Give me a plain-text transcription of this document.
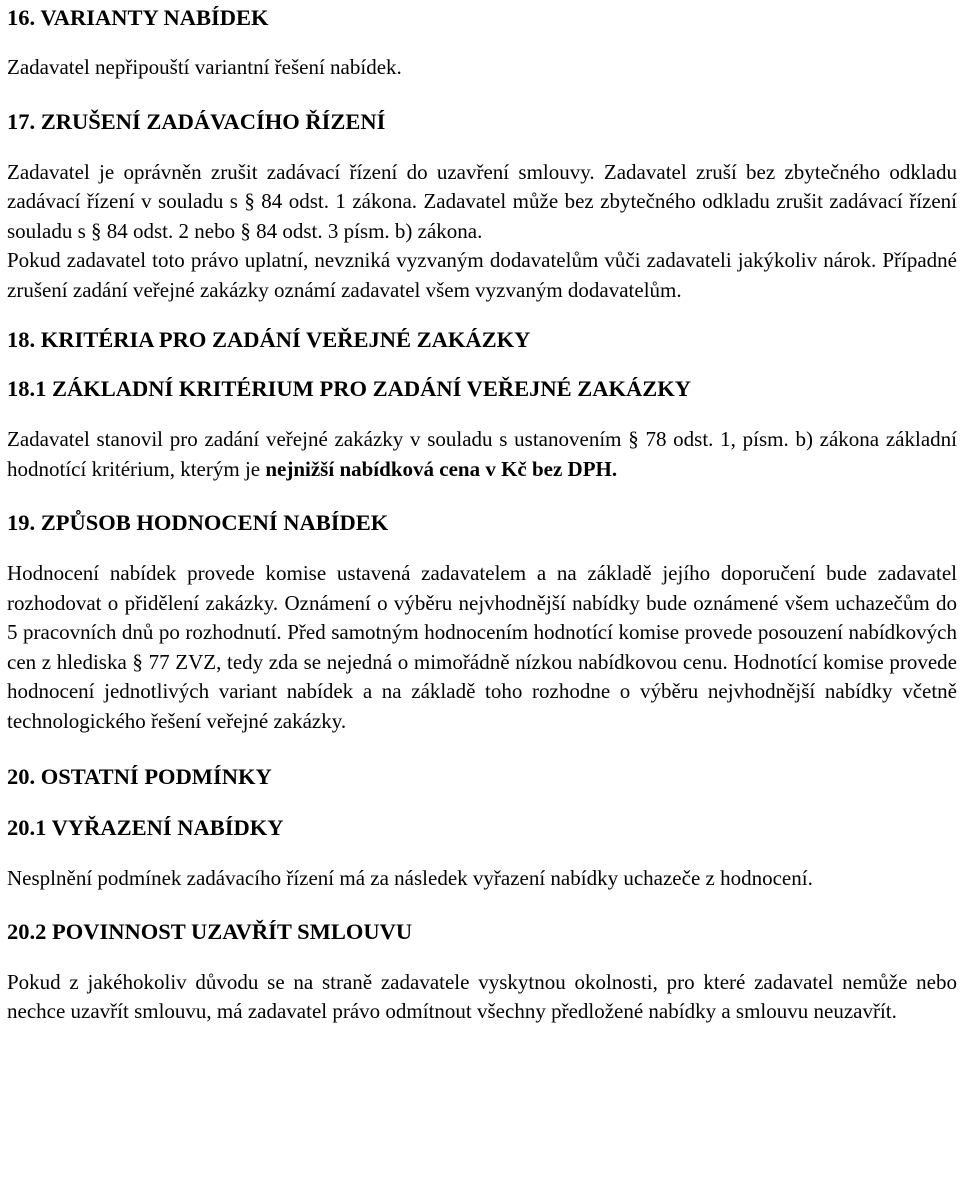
16. VARIANTY NABÍDEK

Zadavatel nepřipouští variantní řešení nabídek.

17. ZRUŠENÍ ZADÁVACÍHO ŘÍZENÍ

Zadavatel je oprávněn zrušit zadávací řízení do uzavření smlouvy. Zadavatel zruší bez zbytečného odkladu zadávací řízení v souladu s § 84 odst. 1 zákona. Zadavatel může bez zbytečného odkladu zrušit zadávací řízení souladu s § 84 odst. 2 nebo § 84 odst. 3 písm. b) zákona.

Pokud zadavatel toto právo uplatní, nevzniká vyzvaným dodavatelům vůči zadavateli jakýkoliv nárok. Případné zrušení zadání veřejné zakázky oznámí zadavatel všem vyzvaným dodavatelům.

18. KRITÉRIA PRO ZADÁNÍ VEŘEJNÉ ZAKÁZKY
18.1 ZÁKLADNÍ KRITÉRIUM PRO ZADÁNÍ VEŘEJNÉ ZAKÁZKY

Zadavatel stanovil pro zadání veřejné zakázky v souladu s ustanovením § 78 odst. 1, písm. b) zákona základní hodnotící kritérium, kterým je nejnižší nabídková cena v Kč bez DPH.

19. ZPŮSOB HODNOCENÍ NABÍDEK

Hodnocení nabídek provede komise ustavená zadavatelem a na základě jejího doporučení bude zadavatel rozhodovat o přidělení zakázky. Oznámení o výběru nejvhodnější nabídky bude oznámené všem uchazečům do 5 pracovních dnů po rozhodnutí. Před samotným hodnocením hodnotící komise provede posouzení nabídkových cen z hlediska § 77 ZVZ, tedy zda se nejedná o mimořádně nízkou nabídkovou cenu. Hodnotící komise provede hodnocení jednotlivých variant nabídek a na základě toho rozhodne o výběru nejvhodnější nabídky včetně technologického řešení veřejné zakázky.

20. OSTATNÍ PODMÍNKY
20.1 VYŘAZENÍ NABÍDKY

Nesplnění podmínek zadávacího řízení má za následek vyřazení nabídky uchazeče z hodnocení.

20.2 POVINNOST UZAVŘÍT SMLOUVU

Pokud z jakéhokoliv důvodu se na straně zadavatele vyskytnou okolnosti, pro které zadavatel nemůže nebo nechce uzavřít smlouvu, má zadavatel právo odmítnout všechny předložené nabídky a smlouvu neuzavřít.
